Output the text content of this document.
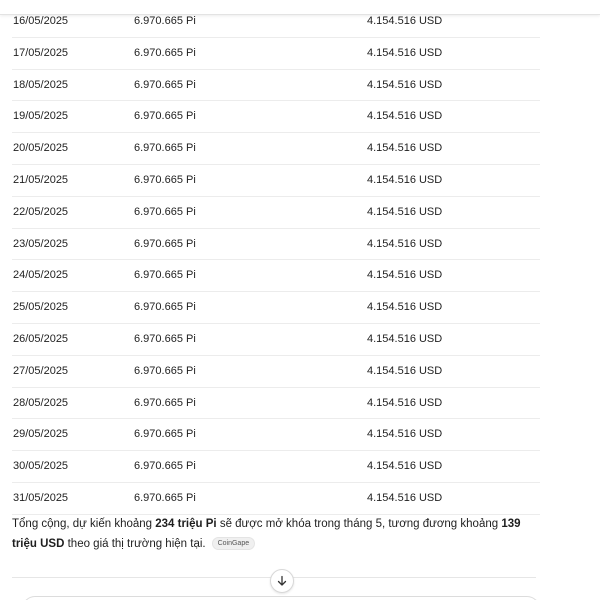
16/05/2025	6.970.665 Pi	4.154.516 USD
17/05/2025	6.970.665 Pi	4.154.516 USD
18/05/2025	6.970.665 Pi	4.154.516 USD
19/05/2025	6.970.665 Pi	4.154.516 USD
20/05/2025	6.970.665 Pi	4.154.516 USD
21/05/2025	6.970.665 Pi	4.154.516 USD
22/05/2025	6.970.665 Pi	4.154.516 USD
23/05/2025	6.970.665 Pi	4.154.516 USD
24/05/2025	6.970.665 Pi	4.154.516 USD
25/05/2025	6.970.665 Pi	4.154.516 USD
26/05/2025	6.970.665 Pi	4.154.516 USD
27/05/2025	6.970.665 Pi	4.154.516 USD
28/05/2025	6.970.665 Pi	4.154.516 USD
29/05/2025	6.970.665 Pi	4.154.516 USD
30/05/2025	6.970.665 Pi	4.154.516 USD
31/05/2025	6.970.665 Pi	4.154.516 USD

Tổng cộng, dự kiến khoảng 234 triệu Pi sẽ được mở khóa trong tháng 5, tương đương khoảng 139 triệu USD theo giá thị trường hiện tại. CoinGape
